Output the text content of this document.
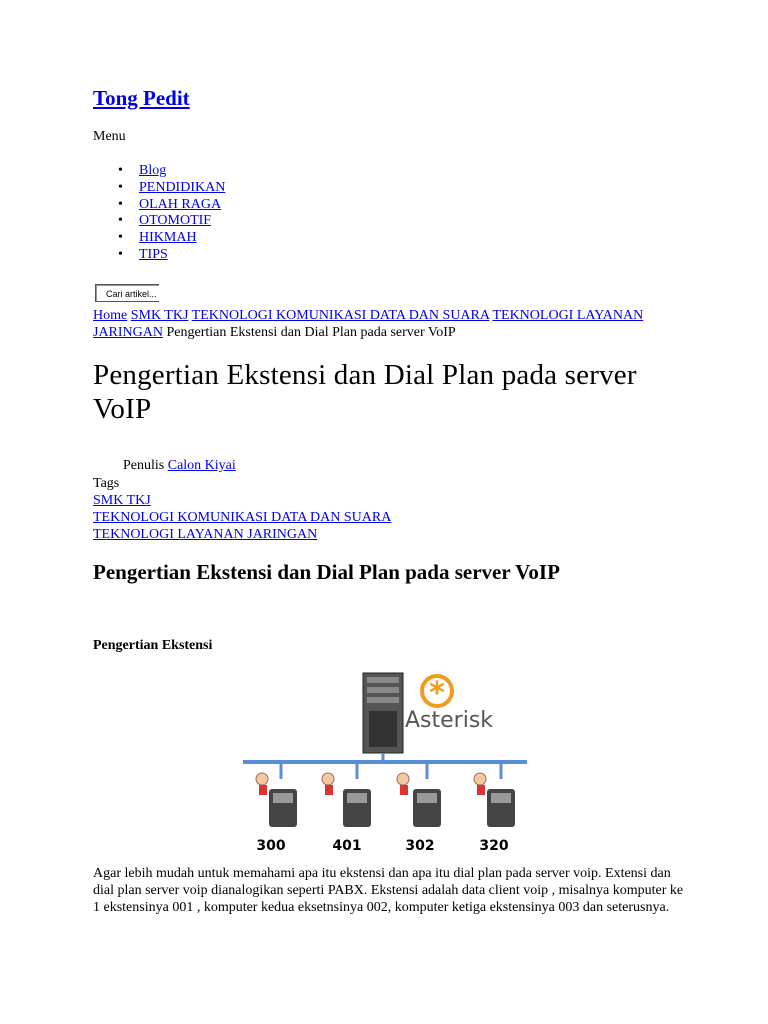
Tong Pedit
Menu
• Blog
• PENDIDIKAN
• OLAH RAGA
• OTOMOTIF
• HIKMAH
• TIPS
Cari artikel...
Home SMK TKJ TEKNOLOGI KOMUNIKASI DATA DAN SUARA TEKNOLOGI LAYANAN JARINGAN Pengertian Ekstensi dan Dial Plan pada server VoIP
Pengertian Ekstensi dan Dial Plan pada server VoIP
Penulis Calon Kiyai
Tags
SMK TKJ
TEKNOLOGI KOMUNIKASI DATA DAN SUARA
TEKNOLOGI LAYANAN JARINGAN
Pengertian Ekstensi dan Dial Plan pada server VoIP
Pengertian Ekstensi
*
Asterisk
300	401	302	320

Agar lebih mudah untuk memahami apa itu ekstensi dan apa itu dial plan pada server voip. Extensi dan dial plan server voip dianalogikan seperti PABX. Ekstensi adalah data client voip , misalnya komputer ke 1 ekstensinya 001 , komputer kedua eksetnsinya 002, komputer ketiga ekstensinya 003 dan seterusnya.
